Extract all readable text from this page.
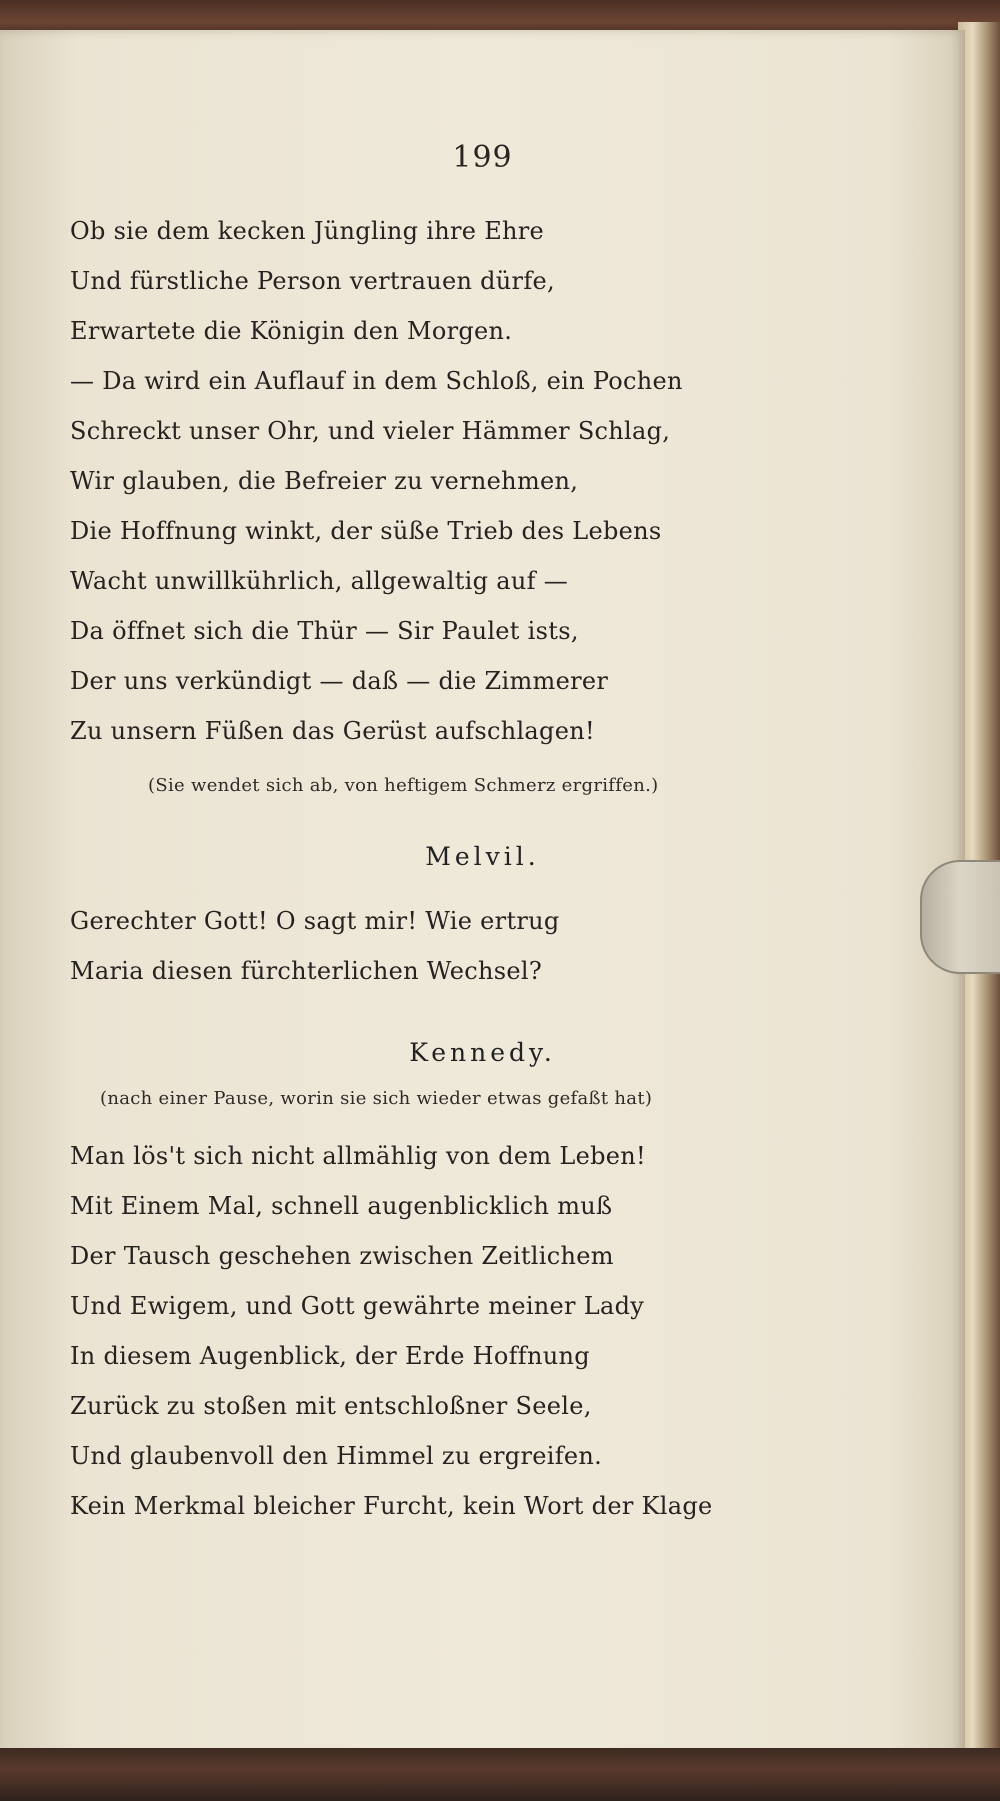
199
Ob sie dem kecken Jüngling ihre Ehre
Und fürstliche Person vertrauen dürfe,
Erwartete die Königin den Morgen.
— Da wird ein Auflauf in dem Schloß, ein Pochen
Schreckt unser Ohr, und vieler Hämmer Schlag,
Wir glauben, die Befreier zu vernehmen,
Die Hoffnung winkt, der süße Trieb des Lebens
Wacht unwillkührlich, allgewaltig auf —
Da öffnet sich die Thür — Sir Paulet ists,
Der uns verkündigt — daß — die Zimmerer
Zu unsern Füßen das Gerüst aufschlagen!
(Sie wendet sich ab, von heftigem Schmerz ergriffen.)
Melvil.
Gerechter Gott! O sagt mir! Wie ertrug
Maria diesen fürchterlichen Wechsel?
Kennedy.
(nach einer Pause, worin sie sich wieder etwas gefaßt hat)
Man lös't sich nicht allmählig von dem Leben!
Mit Einem Mal, schnell augenblicklich muß
Der Tausch geschehen zwischen Zeitlichem
Und Ewigem, und Gott gewährte meiner Lady
In diesem Augenblick, der Erde Hoffnung
Zurück zu stoßen mit entschloßner Seele,
Und glaubenvoll den Himmel zu ergreifen.
Kein Merkmal bleicher Furcht, kein Wort der Klage
